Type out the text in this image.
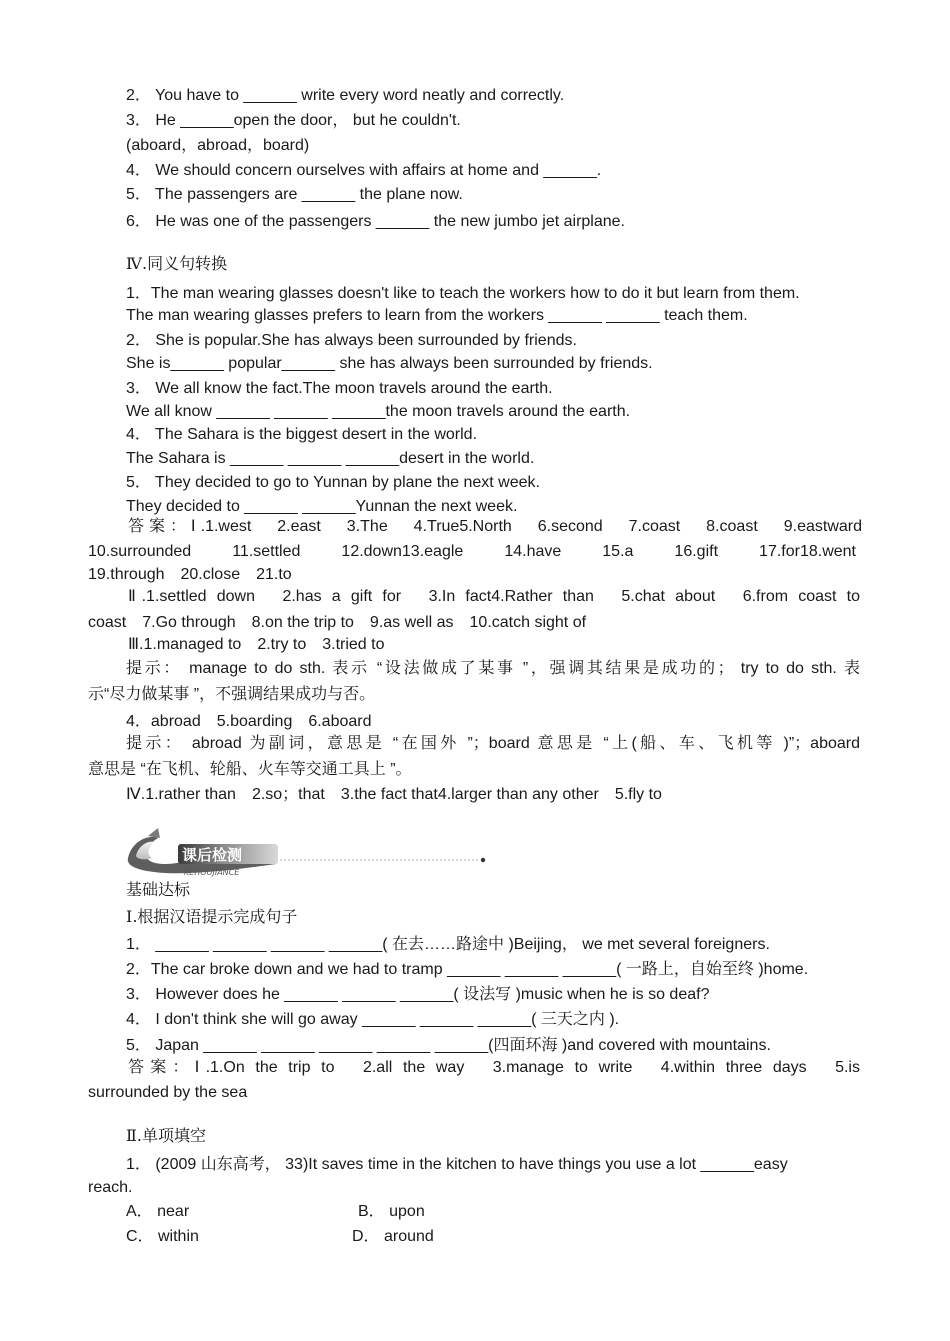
2． You have to ______ write every word neatly and correctly.
3． He ______open the door， but he couldn't.
(aboard，abroad，board)
4． We should concern ourselves with affairs at home and ______.
5． The passengers are ______ the plane now.
6． He was one of the passengers ______ the new jumbo jet airplane.
Ⅳ.同义句转换
1．The man wearing glasses doesn't like to teach the workers how to do it but learn from them.
The man wearing glasses prefers to learn from the workers ______ ______ teach them.
2． She is popular.She has always been surrounded by friends.
She is______ popular______ she has always been surrounded by friends.
3． We all know the fact.The moon travels around the earth.
We all know ______ ______ ______the moon travels around the earth.
4． The Sahara is the biggest desert in the world.
The Sahara is ______ ______ ______desert in the world.
5． They decided to go to Yunnan by plane the next week.
They decided to ______ ______Yunnan the next week.
答案：Ⅰ.1.west　2.east　3.The　4.True5.North　6.second　7.coast　8.coast　9.eastward
10.surrounded　11.settled　12.down13.eagle　14.have　15.a　16.gift　17.for18.went
19.through　20.close　21.to
Ⅱ.1.settled down　2.has a gift for　3.In fact4.Rather than　5.chat about　6.from coast to
coast　7.Go through　8.on the trip to　9.as well as　10.catch sight of
Ⅲ.1.managed to　2.try to　3.tried to
提示： manage to do sth. 表示 “设法做成了某事 ”，强调其结果是成功的； try to do sth. 表
示“尽力做某事 ”，不强调结果成功与否。
4．abroad　5.boarding　6.aboard
提示： abroad 为副词，意思是 “在国外 ”；board 意思是 “上(船、车、飞机等 )”；aboard
意思是 “在飞机、轮船、火车等交通工具上 ”。
Ⅳ.1.rather than　2.so；that　3.the fact that4.larger than any other　5.fly to
课后检测
KEHOUJIANCE
基础达标
Ⅰ.根据汉语提示完成句子
1． ______ ______ ______ ______( 在去……路途中 )Beijing， we met several foreigners.
2．The car broke down and we had to tramp ______ ______ ______( 一路上，自始至终 )home.
3． However does he ______ ______ ______( 设法写 )music when he is so deaf?
4． I don't think she will go away ______ ______ ______( 三天之内 ).
5． Japan ______ ______ ______ ______ ______(四面环海 )and covered with mountains.
答案：Ⅰ.1.On the trip to　2.all the way　3.manage to write　4.within three days　5.is
surrounded by the sea
Ⅱ.单项填空
1． (2009 山东高考， 33)It saves time in the kitchen to have things you use a lot ______easy
reach.
A． near	B． upon
C． within	D． around
